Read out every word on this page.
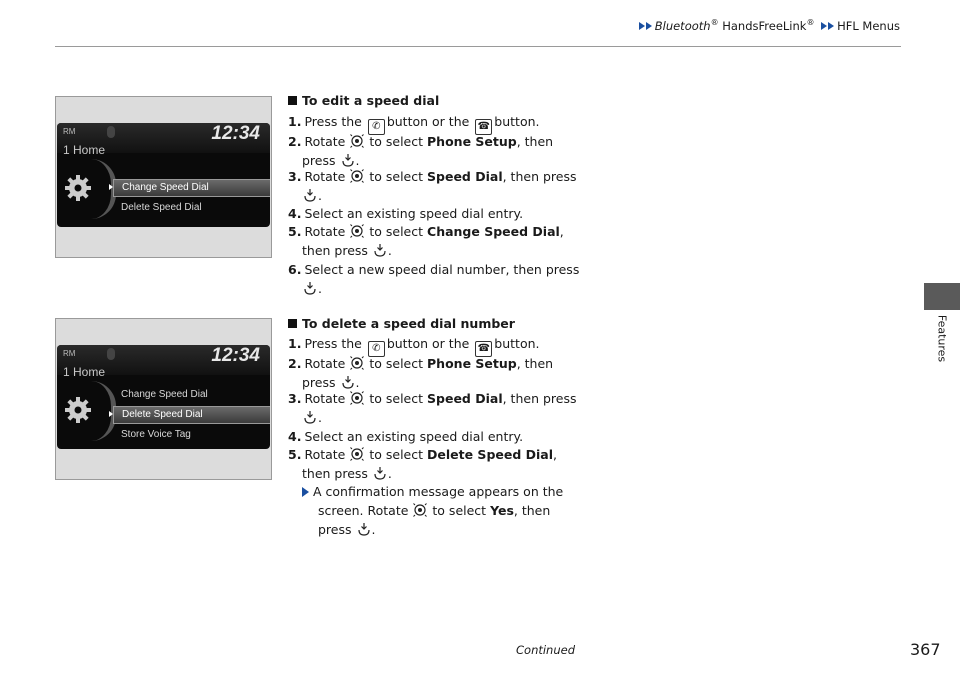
Bluetooth® HandsFreeLink® HFL Menus
Features
RM	12:34
1 Home
Change Speed Dial
Delete Speed Dial
RM	12:34
1 Home
Change Speed Dial
Delete Speed Dial
Store Voice Tag
To edit a speed dial
1. Press the ✆ button or the ☎ button.
2. Rotate to select Phone Setup, then
press .
3. Rotate to select Speed Dial, then press
.
4. Select an existing speed dial entry.
5. Rotate to select Change Speed Dial,
then press .
6. Select a new speed dial number, then press
.
To delete a speed dial number
1. Press the ✆ button or the ☎ button.
2. Rotate to select Phone Setup, then
press .
3. Rotate to select Speed Dial, then press
.
4. Select an existing speed dial entry.
5. Rotate to select Delete Speed Dial,
then press .
A confirmation message appears on the
screen. Rotate to select Yes, then
press .
Continued	367
